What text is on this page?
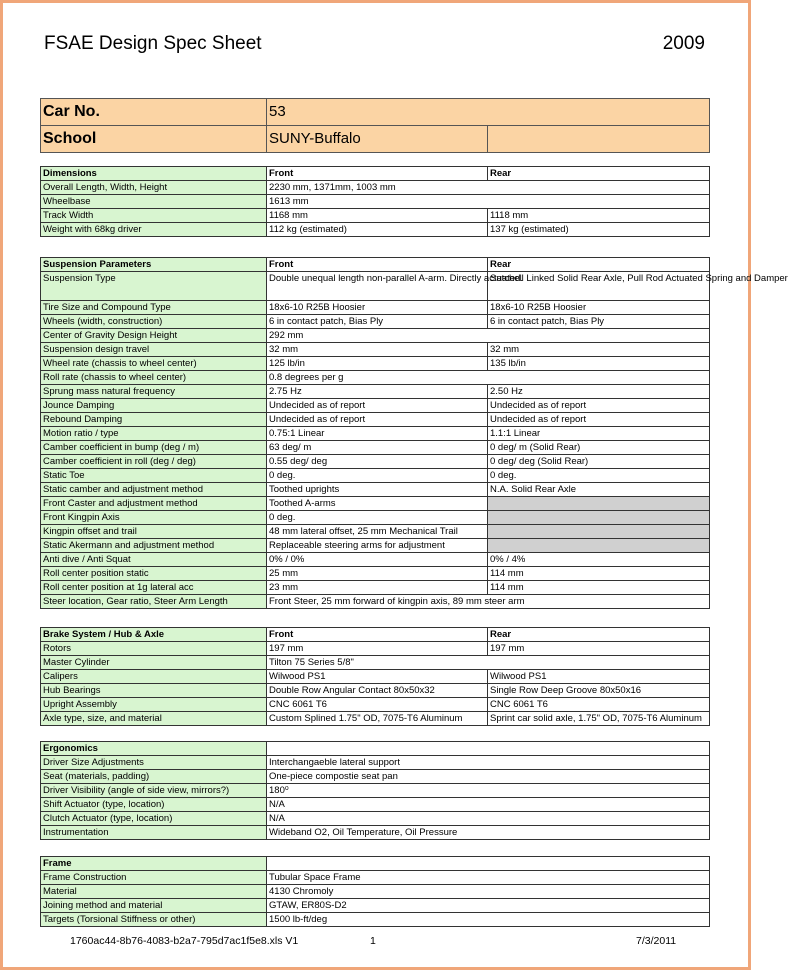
FSAE Design Spec Sheet	2009
Car No.	53	
School	SUNY-Buffalo	
Dimensions	Front	Rear
Overall Length, Width, Height	2230 mm, 1371mm, 1003 mm	
Wheelbase	1613 mm	
Track Width	1168 mm	1118 mm
Weight with 68kg driver	112 kg (estimated)	137 kg (estimated)
Suspension Parameters	Front	Rear
Suspension Type	Double unequal length non-parallel A-arm. Directly actuated.	Satchell Linked Solid Rear Axle, Pull Rod Actuated Spring and Damper
Tire Size and Compound Type	18x6-10 R25B Hoosier	18x6-10 R25B Hoosier
Wheels (width, construction)	6 in contact patch, Bias Ply	6 in contact patch, Bias Ply
Center of Gravity Design Height	292 mm	
Suspension design travel	32 mm	32 mm
Wheel rate (chassis to wheel center)	125 lb/in	135 lb/in
Roll rate (chassis to wheel center)	0.8 degrees per g	
Sprung mass natural frequency	2.75 Hz	2.50 Hz
Jounce Damping	Undecided as of report	Undecided as of report
Rebound Damping	Undecided as of report	Undecided as of report
Motion ratio / type	0.75:1 Linear	1.1:1 Linear
Camber coefficient in bump (deg / m)	63 deg/ m	0 deg/ m (Solid Rear)
Camber coefficient in roll (deg / deg)	0.55 deg/ deg	0 deg/ deg (Solid Rear)
Static Toe	0 deg.	0 deg.
Static camber and adjustment method	Toothed uprights	N.A. Solid Rear Axle
Front Caster and adjustment method	Toothed A-arms	
Front Kingpin Axis	0 deg.	
Kingpin offset and trail	48 mm lateral offset, 25 mm Mechanical Trail	
Static Akermann and adjustment method	Replaceable steering arms for adjustment	
Anti dive / Anti Squat	0% / 0%	0% / 4%
Roll center position static	25 mm	114 mm
Roll center position at 1g lateral acc	23 mm	114 mm
Steer location, Gear ratio, Steer Arm Length	Front Steer, 25 mm forward of kingpin axis, 89 mm steer arm	
Brake System / Hub & Axle	Front	Rear
Rotors	197 mm	197 mm
Master Cylinder	Tilton 75 Series 5/8"	
Calipers	Wilwood PS1	Wilwood PS1
Hub Bearings	Double Row Angular Contact 80x50x32	Single Row Deep Groove 80x50x16
Upright Assembly	CNC 6061 T6	CNC 6061 T6
Axle type, size, and material	Custom Splined 1.75" OD, 7075-T6 Aluminum	Sprint car solid axle, 1.75" OD, 7075-T6 Aluminum
Ergonomics	
Driver Size Adjustments	Interchangaeble lateral support
Seat (materials, padding)	One-piece compostie seat pan
Driver Visibility (angle of side view, mirrors?)	180⁰
Shift Actuator (type, location)	N/A
Clutch Actuator (type, location)	N/A
Instrumentation	Wideband O2, Oil Temperature, Oil Pressure
Frame	
Frame Construction	Tubular Space Frame
Material	4130 Chromoly
Joining method and material	GTAW, ER80S-D2
Targets (Torsional Stiffness or other)	1500 lb-ft/deg
1760ac44-8b76-4083-b2a7-795d7ac1f5e8.xls V1	1	7/3/2011
